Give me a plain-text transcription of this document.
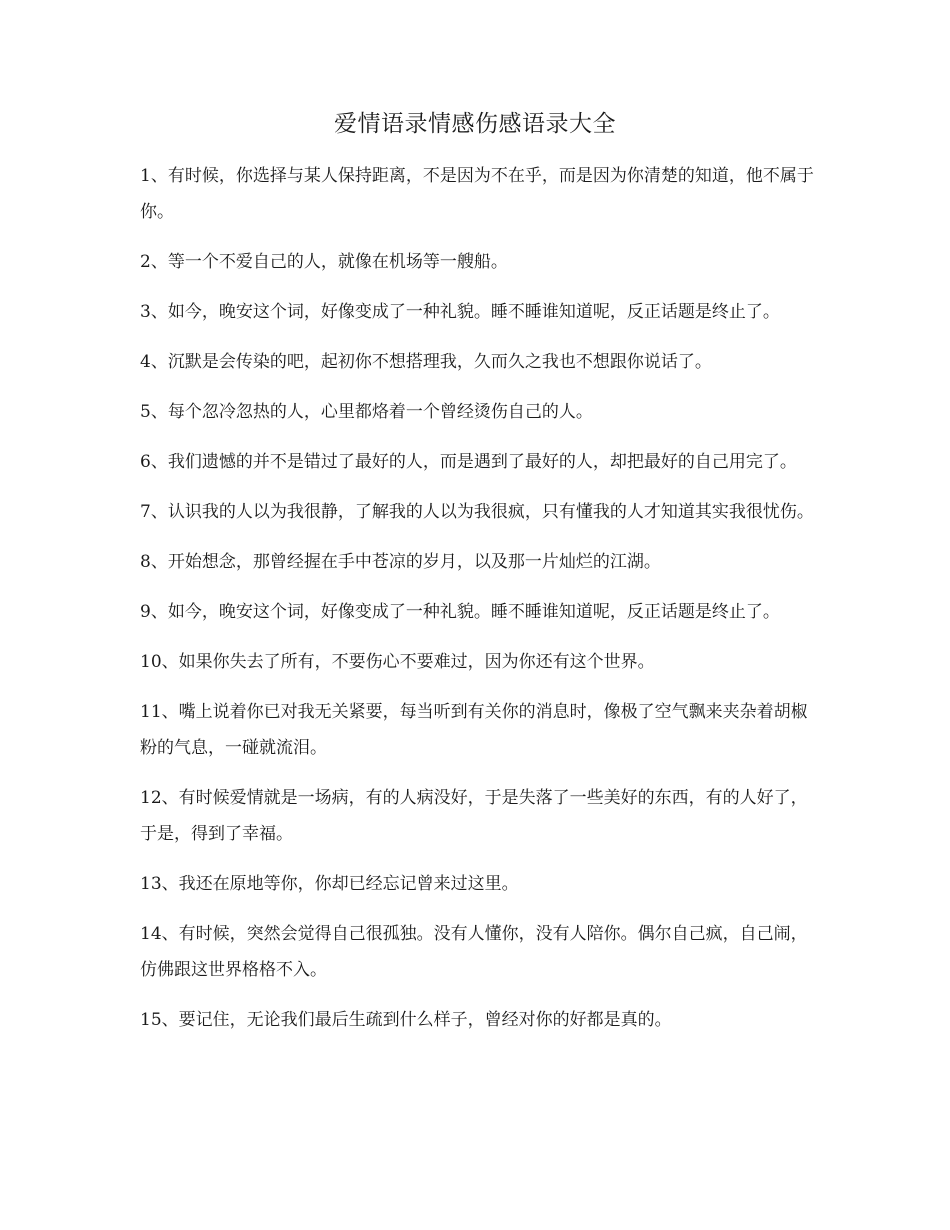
爱情语录情感伤感语录大全
1、有时候，你选择与某人保持距离，不是因为不在乎，而是因为你清楚的知道，他不属于你。
2、等一个不爱自己的人，就像在机场等一艘船。
3、如今，晚安这个词，好像变成了一种礼貌。睡不睡谁知道呢，反正话题是终止了。
4、沉默是会传染的吧，起初你不想搭理我，久而久之我也不想跟你说话了。
5、每个忽冷忽热的人，心里都烙着一个曾经烫伤自己的人。
6、我们遗憾的并不是错过了最好的人，而是遇到了最好的人，却把最好的自己用完了。
7、认识我的人以为我很静，了解我的人以为我很疯，只有懂我的人才知道其实我很忧伤。
8、开始想念，那曾经握在手中苍凉的岁月，以及那一片灿烂的江湖。
9、如今，晚安这个词，好像变成了一种礼貌。睡不睡谁知道呢，反正话题是终止了。
10、如果你失去了所有，不要伤心不要难过，因为你还有这个世界。
11、嘴上说着你已对我无关紧要，每当听到有关你的消息时，像极了空气飘来夹杂着胡椒粉的气息，一碰就流泪。
12、有时候爱情就是一场病，有的人病没好，于是失落了一些美好的东西，有的人好了，于是，得到了幸福。
13、我还在原地等你，你却已经忘记曾来过这里。
14、有时候，突然会觉得自己很孤独。没有人懂你，没有人陪你。偶尔自己疯，自己闹，仿佛跟这世界格格不入。
15、要记住，无论我们最后生疏到什么样子，曾经对你的好都是真的。
